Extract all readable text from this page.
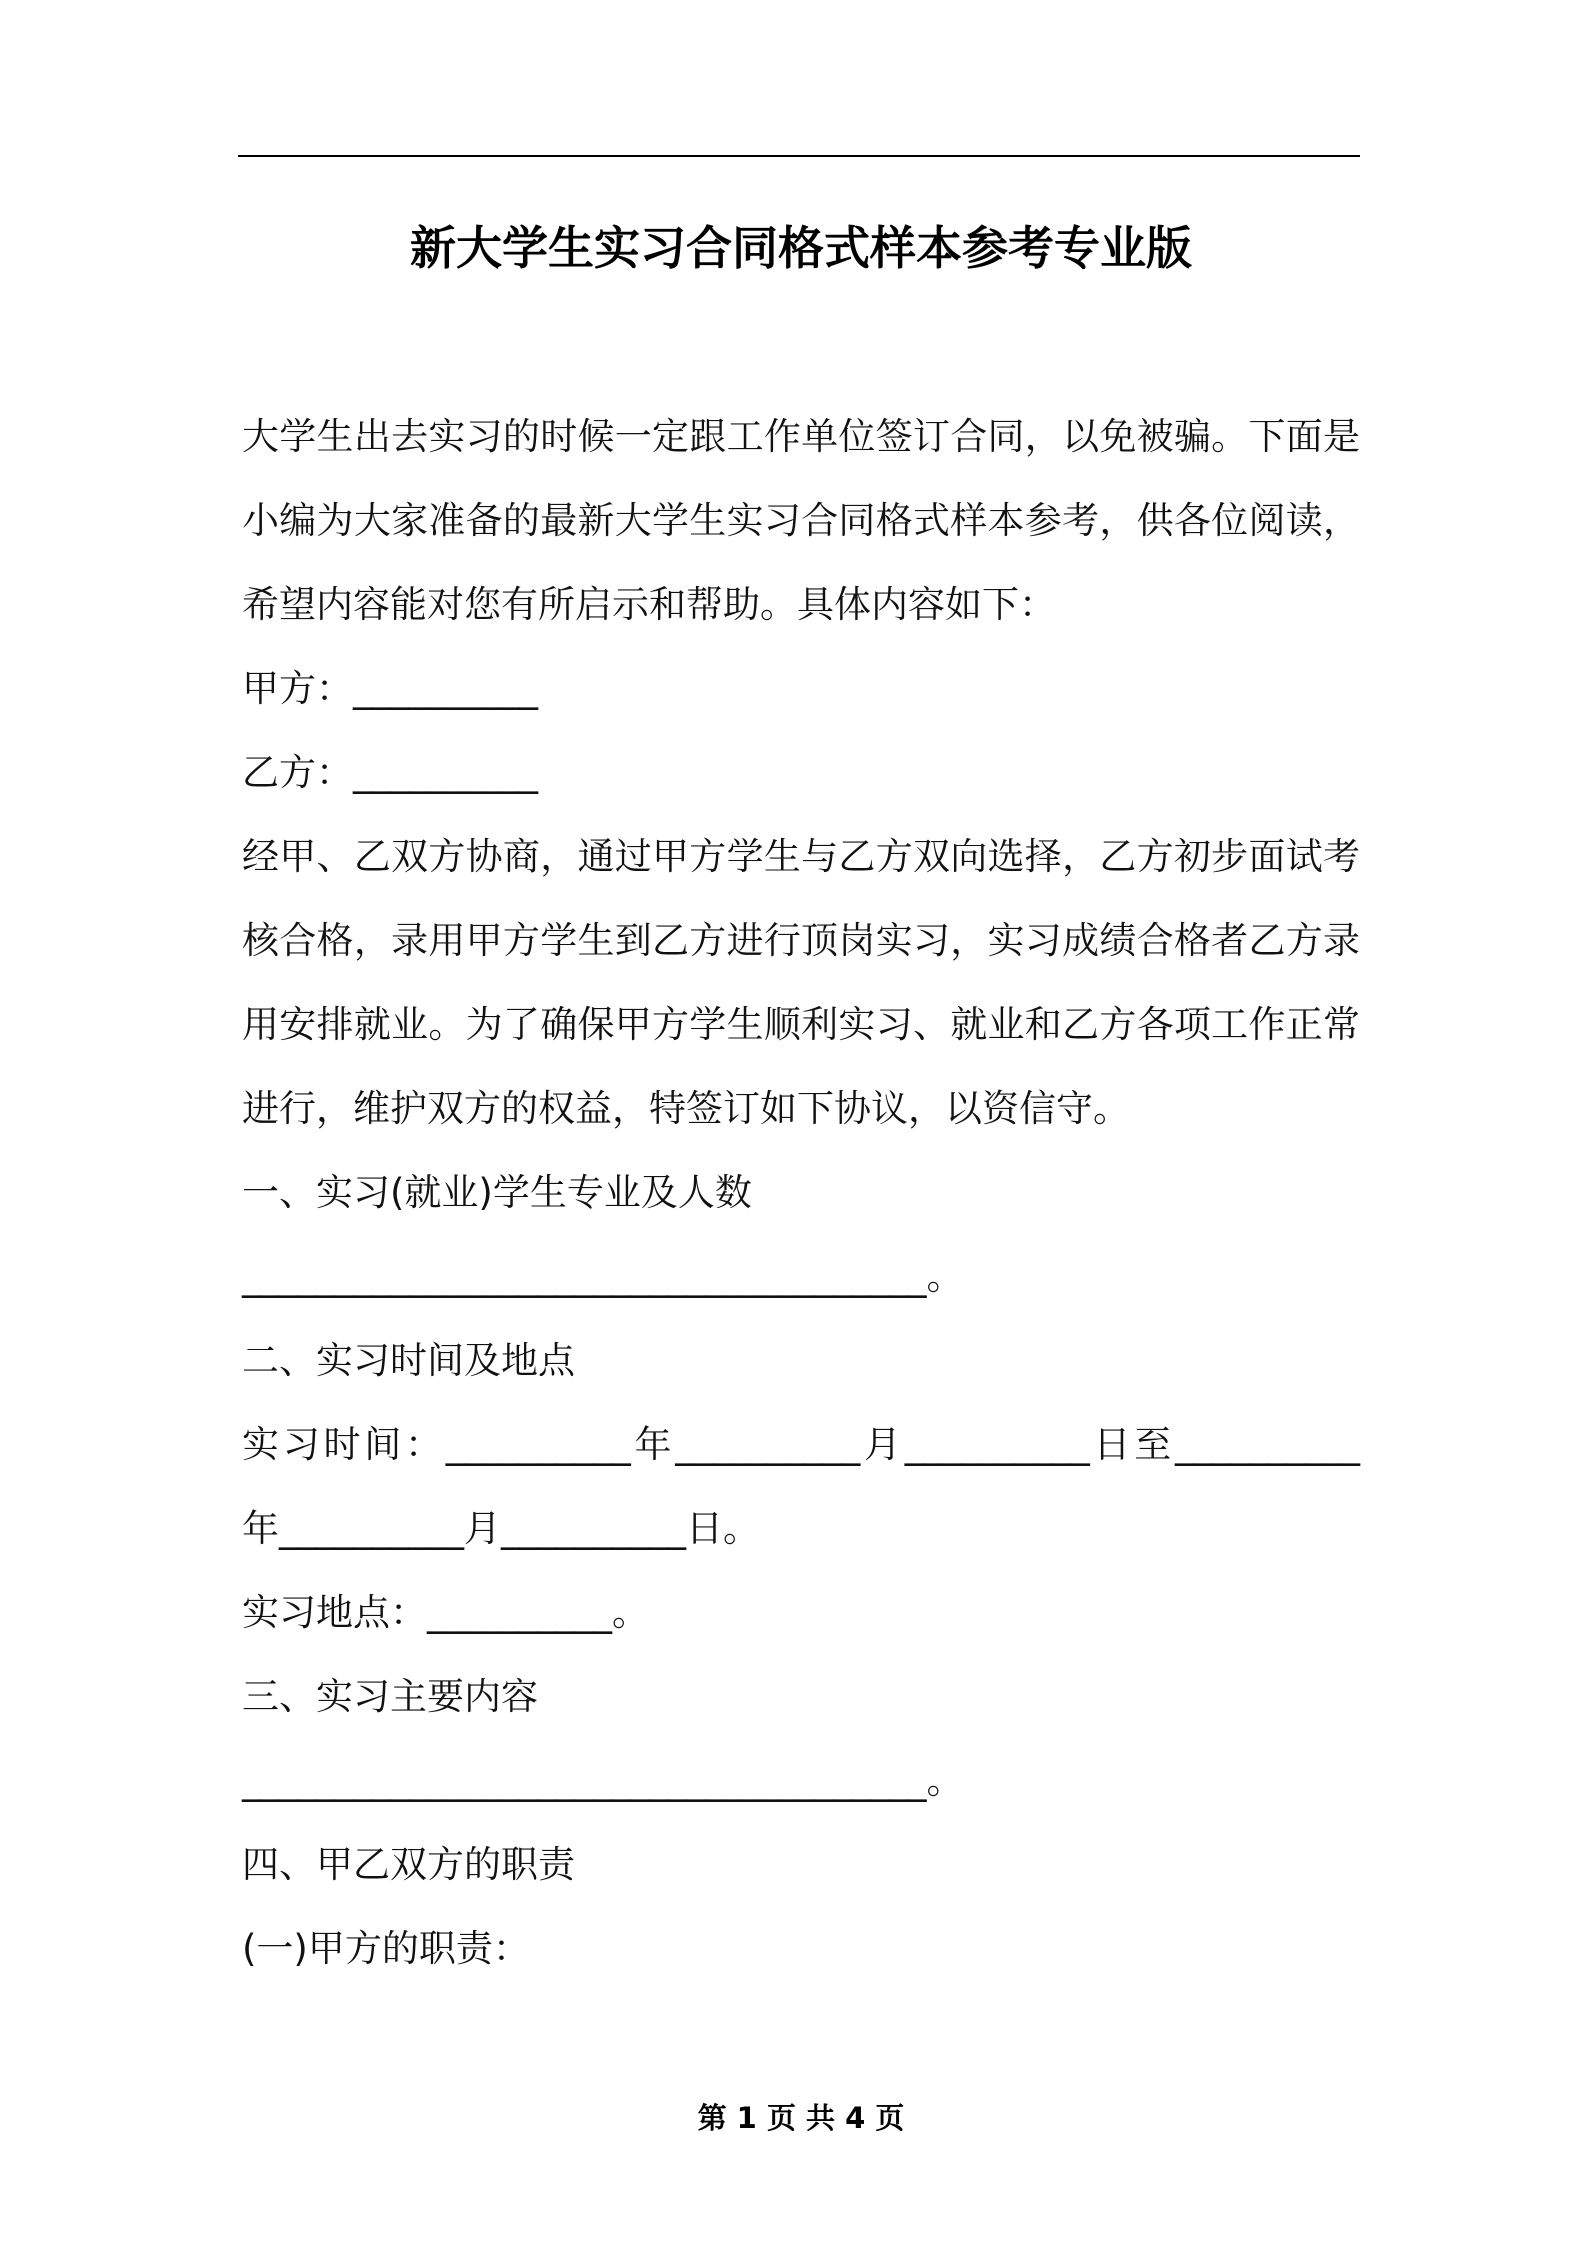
新大学生实习合同格式样本参考专业版

大学生出去实习的时候一定跟工作单位签订合同，以免被骗。下面是小编为大家准备的最新大学生实习合同格式样本参考，供各位阅读，希望内容能对您有所启示和帮助。具体内容如下：

甲方：__________

乙方：__________

经甲、乙双方协商，通过甲方学生与乙方双向选择，乙方初步面试考核合格，录用甲方学生到乙方进行顶岗实习，实习成绩合格者乙方录用安排就业。为了确保甲方学生顺利实习、就业和乙方各项工作正常进行，维护双方的权益，特签订如下协议，以资信守。

一、实习(就业)学生专业及人数

_____________________________________。

二、实习时间及地点

实习时间：__________年__________月__________日至__________

年__________月__________日。

实习地点：__________。

三、实习主要内容

_____________________________________。

四、甲乙双方的职责

(一)甲方的职责：

第 1 页 共 4 页
